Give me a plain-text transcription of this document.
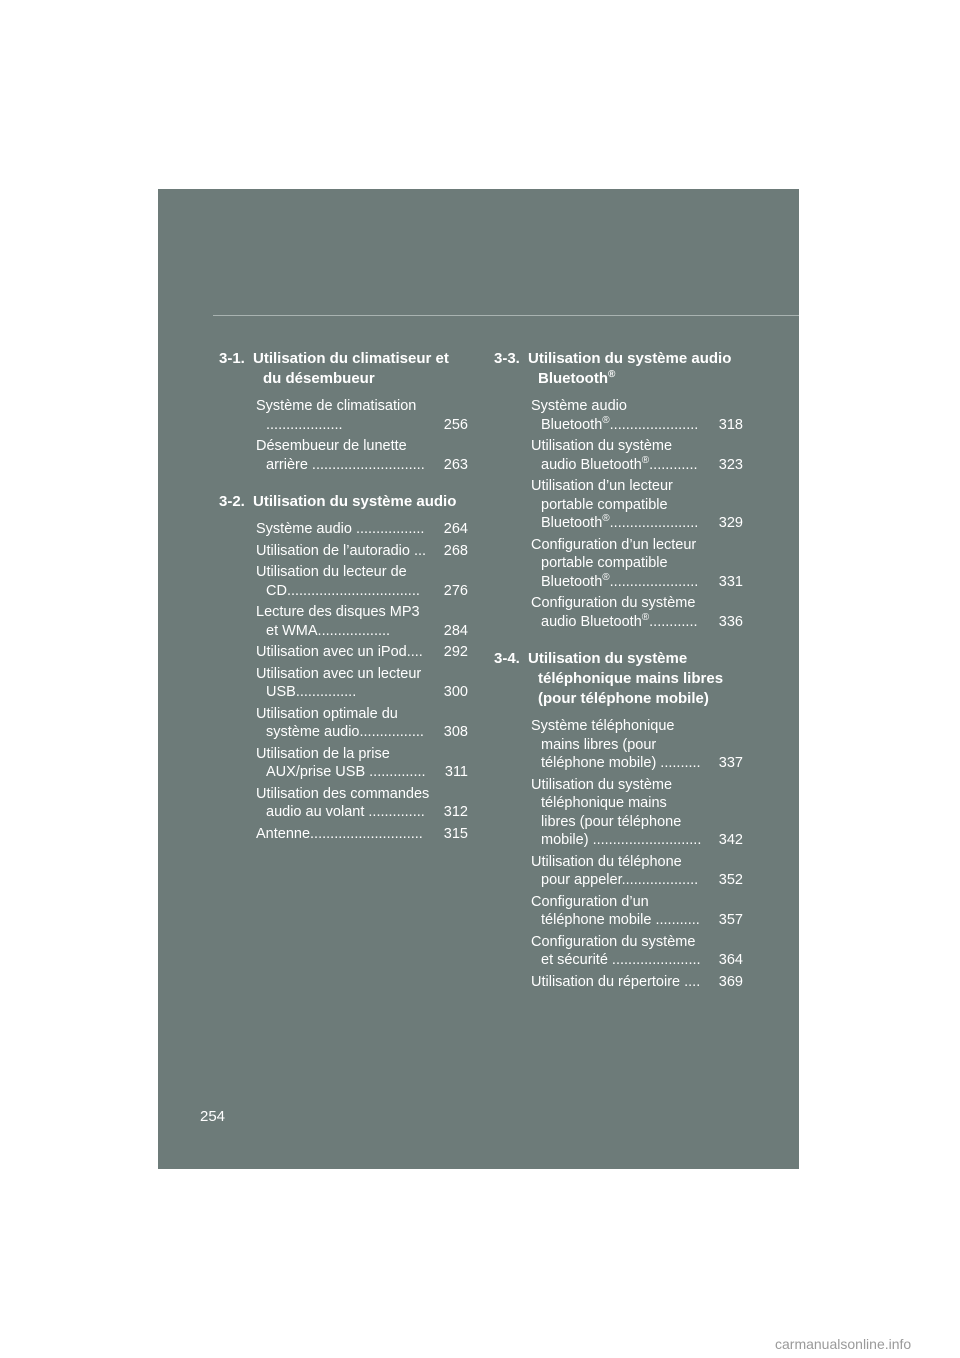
3-1. Utilisation du climatiseur et du désembueur
Système de climatisation ...................	256
Désembueur de lunette arrière ............................ 263
3-2. Utilisation du système audio
Système audio ................. 264
Utilisation de l’autoradio ... 268
Utilisation du lecteur de CD................................. 276
Lecture des disques MP3 et WMA..................	284
Utilisation avec un iPod.... 292
Utilisation avec un lecteur USB...............	300
Utilisation optimale du système audio................ 308
Utilisation de la prise AUX/prise USB .............. 311
Utilisation des commandes audio au volant .............. 312
Antenne............................ 315
3-3. Utilisation du système audio Bluetooth®
Système audio Bluetooth®...................... 318
Utilisation du système audio Bluetooth®............ 323
Utilisation d’un lecteur portable compatible Bluetooth®...................... 329
Configuration d’un lecteur portable compatible Bluetooth®...................... 331
Configuration du système audio Bluetooth®............ 336
3-4. Utilisation du système téléphonique mains libres (pour téléphone mobile)
Système téléphonique mains libres (pour téléphone mobile) .......... 337
Utilisation du système téléphonique mains libres (pour téléphone mobile) ........................... 342
Utilisation du téléphone pour appeler................... 352
Configuration d’un téléphone mobile ........... 357
Configuration du système et sécurité ...................... 364
Utilisation du répertoire .... 369
254
carmanualsonline.info
